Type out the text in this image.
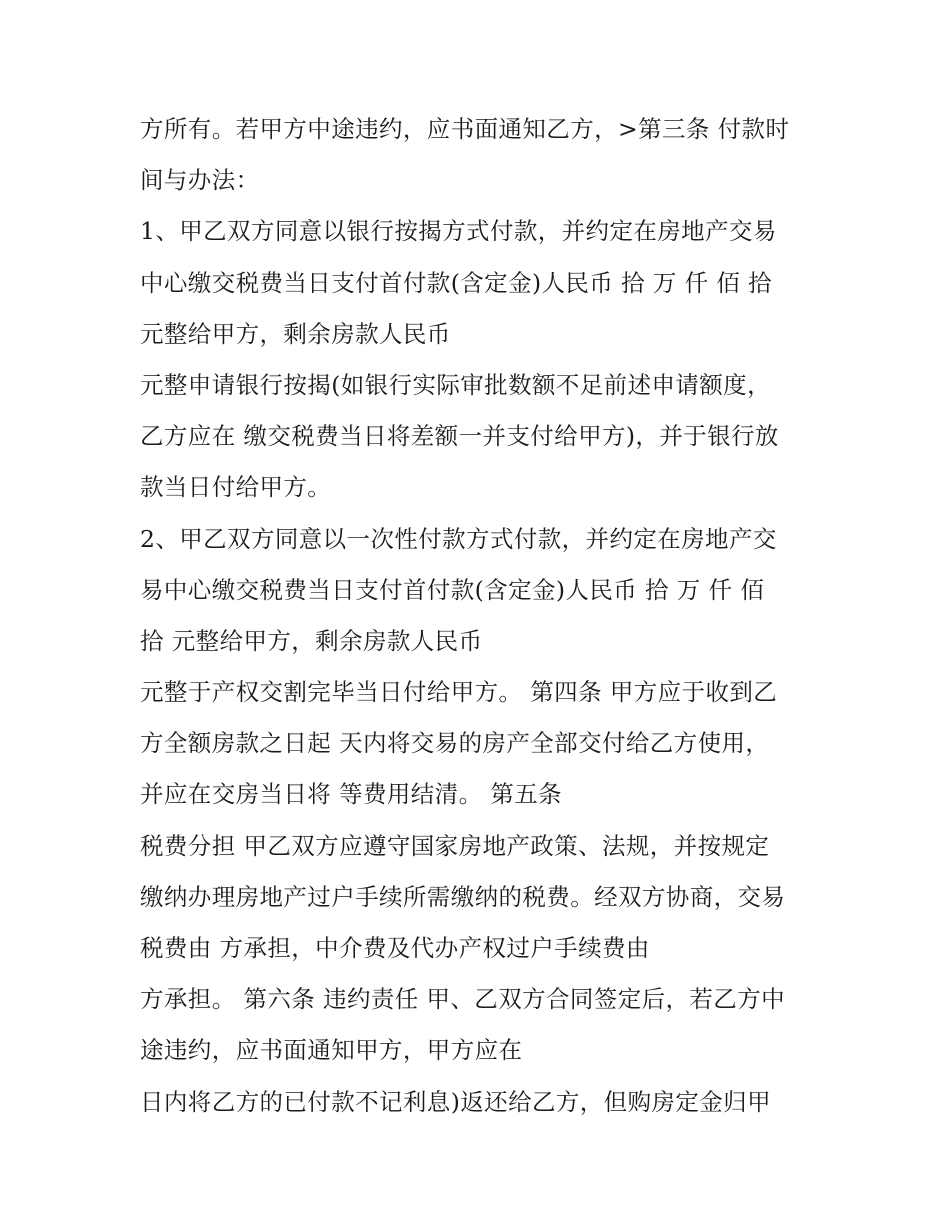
方所有。若甲方中途违约，应书面通知乙方，>第三条 付款时
间与办法：
1、甲乙双方同意以银行按揭方式付款，并约定在房地产交易
中心缴交税费当日支付首付款(含定金)人民币 拾 万 仟 佰 拾
元整给甲方，剩余房款人民币
元整申请银行按揭(如银行实际审批数额不足前述申请额度，
乙方应在 缴交税费当日将差额一并支付给甲方)，并于银行放
款当日付给甲方。
2、甲乙双方同意以一次性付款方式付款，并约定在房地产交
易中心缴交税费当日支付首付款(含定金)人民币 拾 万 仟 佰
拾 元整给甲方，剩余房款人民币
元整于产权交割完毕当日付给甲方。 第四条 甲方应于收到乙
方全额房款之日起 天内将交易的房产全部交付给乙方使用，
并应在交房当日将 等费用结清。 第五条
税费分担 甲乙双方应遵守国家房地产政策、法规，并按规定
缴纳办理房地产过户手续所需缴纳的税费。经双方协商，交易
税费由 方承担，中介费及代办产权过户手续费由
方承担。 第六条 违约责任 甲、乙双方合同签定后，若乙方中
途违约，应书面通知甲方，甲方应在
日内将乙方的已付款不记利息)返还给乙方，但购房定金归甲
